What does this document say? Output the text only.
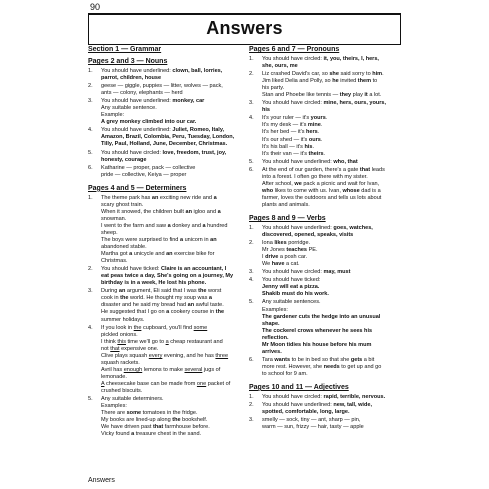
90
Answers
Section 1 — Grammar
Pages 2 and 3 — Nouns
1. You should have underlined: clown, ball, lorries,

parrot, children, house

2. geese — giggle, puppies — litter, wolves — pack,

ants — colony, elephants — herd

3. You should have underlined: monkey, car

Any suitable sentence.

Example:

A grey monkey climbed into our car.

4. You should have underlined: Juliet, Romeo, Italy,

Amazon, Brazil, Colombia, Peru, Tuesday, London,

Tilly, Paul, Holland, June, December, Christmas.

5. You should have circled: love, freedom, trust, joy,

honesty, courage

6. Katharine — proper, pack — collective

pride — collective, Keiya — proper

Pages 4 and 5 — Determiners
1. The theme park has an exciting new ride and a

scary ghost train.

When it snowed, the children built an igloo and a

snowman.

I went to the farm and saw a donkey and a hundred

sheep.

The boys were surprised to find a unicorn in an

abandoned stable.

Martha got a unicycle and an exercise bike for

Christmas.

2. You should have ticked: Claire is an accountant, I

eat peas twice a day, She's going on a journey, My

birthday is in a week, He lost his phone.

3. During an argument, Eli said that I was the worst

cook in the world. He thought my soup was a

disaster and he said my bread had an awful taste.

He suggested that I go on a cookery course in the

summer holidays.

4. If you look in the cupboard, you'll find some

pickled onions.

I think this time we'll go to a cheap restaurant and

not that expensive one.

Clive plays squash every evening, and he has three

squash rackets.

Avril has enough lemons to make several jugs of

lemonade.

A cheesecake base can be made from one packet of

crushed biscuits.

5. Any suitable determiners.

Examples:

There are some tomatoes in the fridge.

My books are lined-up along the bookshelf.

We have driven past that farmhouse before.

Vicky found a treasure chest in the sand.

Pages 6 and 7 — Pronouns
1. You should have circled: it, you, theirs, I, hers,

she, ours, me

2. Liz crashed David's car, so she said sorry to him.

Jim liked Delia and Polly, so he invited them to

his party.

Stan and Phoebe like tennis — they play it a lot.

3. You should have circled: mine, hers, ours, yours,

his

4. It's your ruler — it's yours.

It's my desk — it's mine.

It's her bed — it's hers.

It's our shed — it's ours.

It's his ball — it's his.

It's their van — it's theirs.

5. You should have underlined: who, that

6. At the end of our garden, there's a gate that leads

into a forest. I often go there with my sister.

After school, we pack a picnic and wait for Ivan,

who likes to come with us. Ivan, whose dad is a

farmer, loves the outdoors and tells us lots about

plants and animals.

Pages 8 and 9 — Verbs
1. You should have underlined: goes, watches,

discovered, opened, speaks, visits

2. Iona likes porridge.

Mr Jones teaches PE.

I drive a posh car.

We have a cat.

3. You should have circled: may, must

4. You should have ticked:

Jenny will eat a pizza.

Shakib must do his work.

5. Any suitable sentences.

Examples:

The gardener cuts the hedge into an unusual

shape.

The cockerel crows whenever he sees his

reflection.

Mr Moon tidies his house before his mum

arrives.

6. Tara wants to be in bed so that she gets a bit

more rest. However, she needs to get up and go

to school for 9 am.

Pages 10 and 11 — Adjectives
1. You should have circled: rapid, terrible, nervous.

2. You should have underlined: new, tall, wide,

spotted, comfortable, long, large.

3. smelly — sock, tiny — ant, sharp — pin,

warm — sun, frizzy — hair, tasty — apple

Answers
